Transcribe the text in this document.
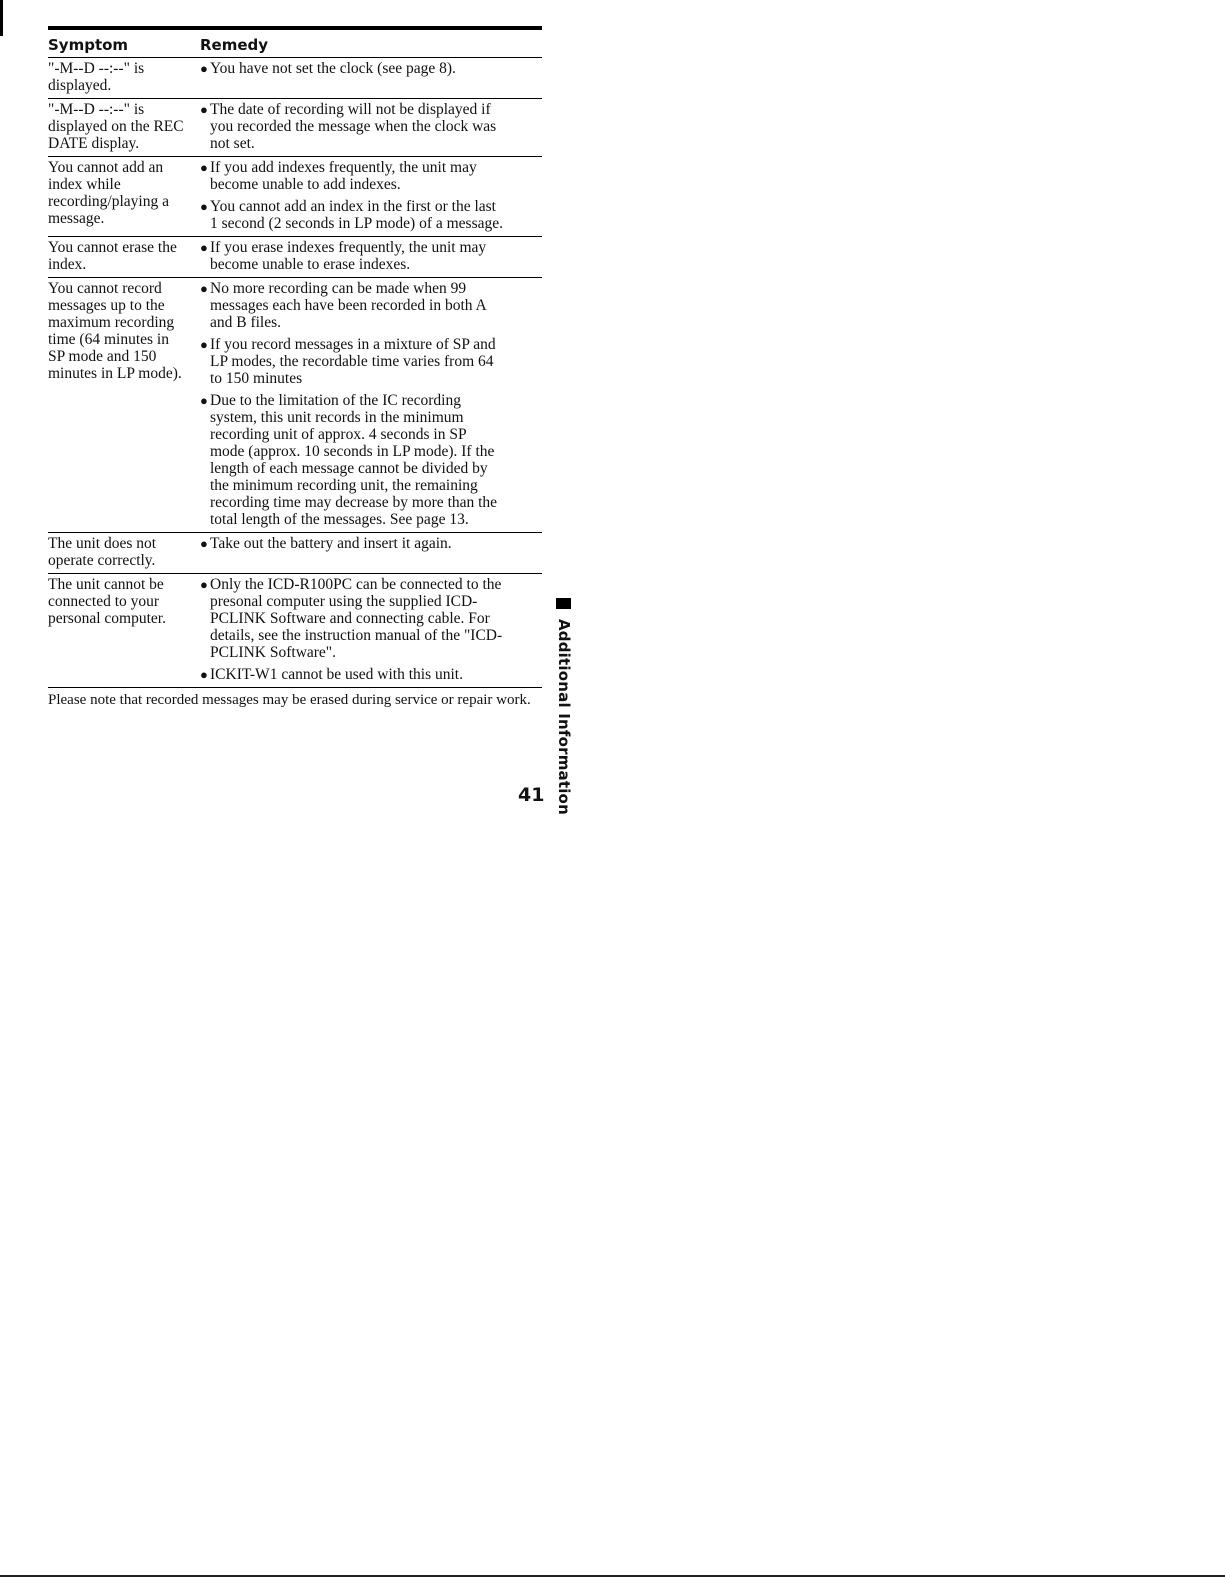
Symptom	Remedy
"-M--D --:--" is
displayed.
● You have not set the clock (see page 8).
"-M--D --:--" is
displayed on the REC
DATE display.
● The date of recording will not be displayed if
you recorded the message when the clock was
not set.
You cannot add an
index while
recording/playing a
message.
● If you add indexes frequently, the unit may
become unable to add indexes.
● You cannot add an index in the first or the last
1 second (2 seconds in LP mode) of a message.
You cannot erase the
index.
● If you erase indexes frequently, the unit may
become unable to erase indexes.
You cannot record
messages up to the
maximum recording
time (64 minutes in
SP mode and 150
minutes in LP mode).
● No more recording can be made when 99
messages each have been recorded in both A
and B files.
● If you record messages in a mixture of SP and
LP modes, the recordable time varies from 64
to 150 minutes
● Due to the limitation of the IC recording
system, this unit records in the minimum
recording unit of approx. 4 seconds in SP
mode (approx. 10 seconds in LP mode). If the
length of each message cannot be divided by
the minimum recording unit, the remaining
recording time may decrease by more than the
total length of the messages. See page 13.
The unit does not
operate correctly.
● Take out the battery and insert it again.
The unit cannot be
connected to your
personal computer.
● Only the ICD-R100PC can be connected to the
presonal computer using the supplied ICD-
PCLINK Software and connecting cable. For
details, see the instruction manual of the "ICD-
PCLINK Software".
● ICKIT-W1 cannot be used with this unit.
Please note that recorded messages may be erased during service or repair work.	Additional Information
41
